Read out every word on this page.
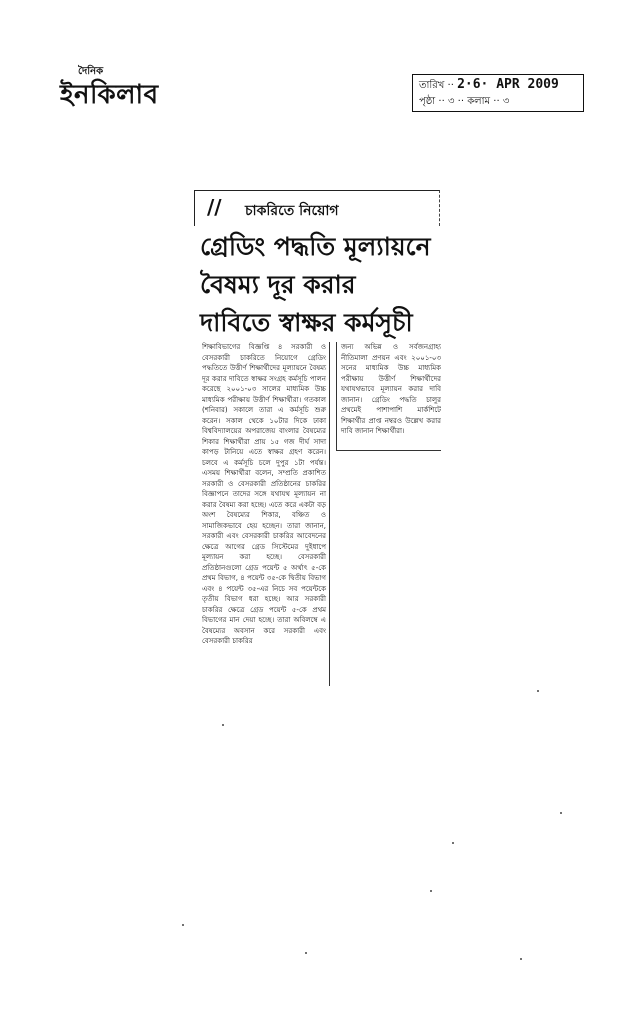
দৈনিক
ইনকিলাব	তারিখ ·· 2·6· APR 2009
পৃষ্ঠা ·· ৩ ·· কলাম ·· ৩
// চাকরিতে নিয়োগ
গ্রেডিং পদ্ধতি মূল্যায়নে
বৈষম্য দূর করার
দাবিতে স্বাক্ষর কর্মসূচী
শিক্ষাবিভাগের বিজ্ঞপ্তি ৪ সরকারী ও বেসরকারী চাকরিতে নিয়োগে গ্রেডিং পদ্ধতিতে উত্তীর্ণ শিক্ষার্থীদের মূল্যায়নে বৈষম্য দূর করার দাবিতে স্বাক্ষর সংগ্রহ কর্মসূচি পালন করেছে ২০০১-০৩ সালের মাধ্যমিক উচ্চ মাধ্যমিক পরীক্ষায় উত্তীর্ণ শিক্ষার্থীরা। গতকাল (শনিবার) সকালে তারা এ কর্মসূচি শুরু করেন। সকাল থেকে ১০টার দিকে ঢাকা বিশ্ববিদ্যালয়ের অপরাজেয় বাংলার বৈষম্যের শিকার শিক্ষার্থীরা প্রায় ১৫ গজ দীর্ঘ সাদা কাপড় টানিয়ে এতে স্বাক্ষর গ্রহণ করেন। চলবে এ কর্মসূচি চলে দুপুর ১টা পর্যন্ত। এসময় শিক্ষার্থীরা বলেন, সম্প্রতি প্রকাশিত সরকারী ও বেসরকারী প্রতিষ্ঠানের চাকরির বিজ্ঞাপনে তাদের সঙ্গে যথাযথ মূল্যায়ন না করার বৈষম্য করা হচ্ছে। এতে করে একটা বড় অংশ বৈষম্যের শিকার, বঞ্চিত ও সামাজিকভাবে হেয় হচ্ছেন। তারা জানান, সরকারী এবং বেসরকারী চাকরির আবেদনের ক্ষেত্রে আগের গ্রেড সিস্টেমের দুইধাপে মূল্যায়ন করা হচ্ছে। বেসরকারী প্রতিষ্ঠানগুলো গ্রেড পয়েন্ট ৫ অর্থাৎ ৫-কে প্রথম বিভাগ, ৪ পয়েন্ট ৩৫-কে দ্বিতীয় বিভাগ এবং ৪ পয়েন্ট ৩৫-এর নিচে সব পয়েন্টকে তৃতীয় বিভাগ ধরা হচ্ছে। আর সরকারী চাকরির ক্ষেত্রে গ্রেড পয়েন্ট ৫-কে প্রথম বিভাগের মান দেয়া হচ্ছে। তারা অবিলম্বে এ বৈষম্যের অবসান করে সরকারী এবং বেসরকারী চাকরির
জন্য অভিন্ন ও সর্বজনগ্রাহ্য নীতিমালা প্রণয়ন এবং ২০০১-০৩ সনের মাধ্যমিক উচ্চ মাধ্যমিক পরীক্ষায় উত্তীর্ণ শিক্ষার্থীদের যথাযথভাবে মূল্যায়ন করার দাবি জানান। গ্রেডিং পদ্ধতি চালুর প্রথমেই পাশাপাশি মার্কশিটে শিক্ষার্থীর প্রাপ্ত নম্বরও উল্লেখ করার দাবি জানান শিক্ষার্থীরা।
